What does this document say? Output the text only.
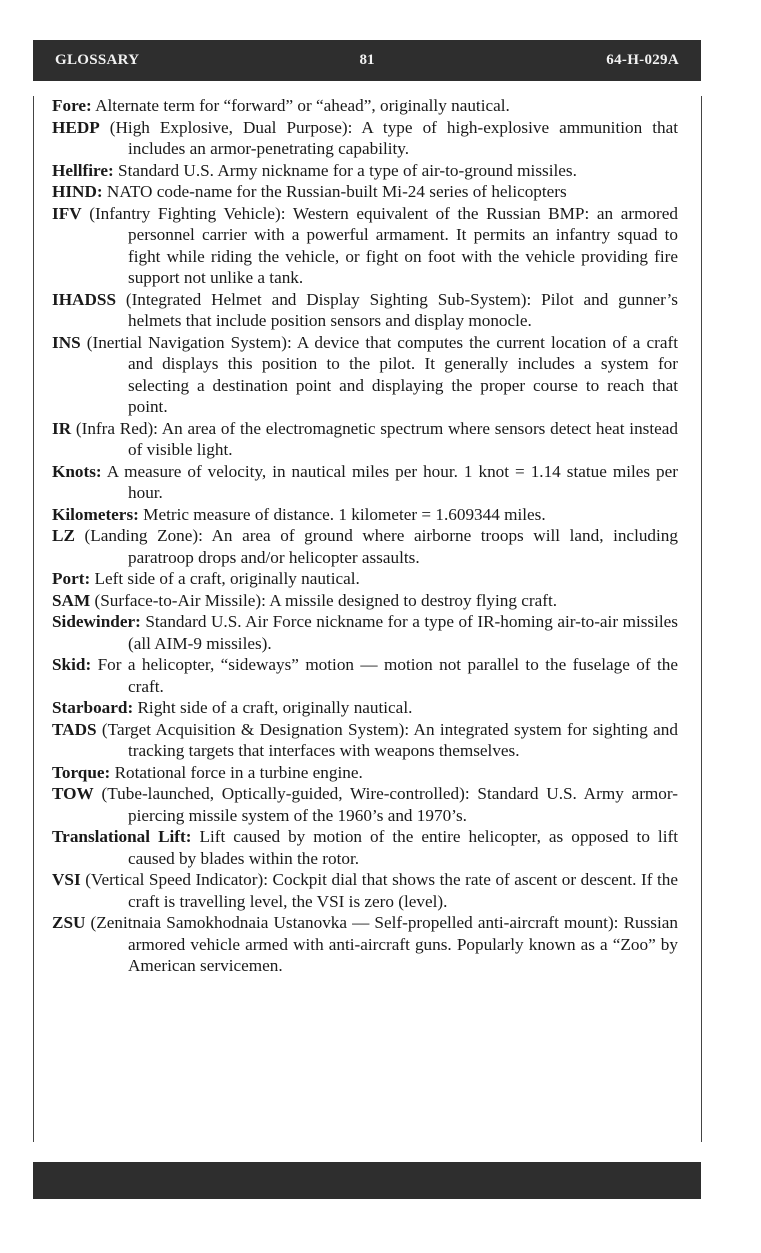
GLOSSARY	81	64-H-029A
Fore: Alternate term for “forward” or “ahead”, originally nautical.
HEDP (High Explosive, Dual Purpose): A type of high-explosive ammunition that includes an armor-penetrating capability.
Hellfire: Standard U.S. Army nickname for a type of air-to-ground missiles.
HIND: NATO code-name for the Russian-built Mi-24 series of helicopters
IFV (Infantry Fighting Vehicle): Western equivalent of the Russian BMP: an armored personnel carrier with a powerful armament. It permits an infantry squad to fight while riding the vehicle, or fight on foot with the vehicle providing fire support not unlike a tank.
IHADSS (Integrated Helmet and Display Sighting Sub-System): Pilot and gunner’s helmets that include position sensors and display monocle.
INS (Inertial Navigation System): A device that computes the current location of a craft and displays this position to the pilot. It generally includes a system for selecting a destination point and displaying the proper course to reach that point.
IR (Infra Red): An area of the electromagnetic spectrum where sensors detect heat instead of visible light.
Knots: A measure of velocity, in nautical miles per hour. 1 knot = 1.14 statue miles per hour.
Kilometers: Metric measure of distance. 1 kilometer = 1.609344 miles.
LZ (Landing Zone): An area of ground where airborne troops will land, including paratroop drops and/or helicopter assaults.
Port: Left side of a craft, originally nautical.
SAM (Surface-to-Air Missile): A missile designed to destroy flying craft.
Sidewinder: Standard U.S. Air Force nickname for a type of IR-homing air-to-air missiles (all AIM-9 missiles).
Skid: For a helicopter, “sideways” motion — motion not parallel to the fuselage of the craft.
Starboard: Right side of a craft, originally nautical.
TADS (Target Acquisition & Designation System): An integrated system for sighting and tracking targets that interfaces with weapons themselves.
Torque: Rotational force in a turbine engine.
TOW (Tube-launched, Optically-guided, Wire-controlled): Standard U.S. Army armor-piercing missile system of the 1960’s and 1970’s.
Translational Lift: Lift caused by motion of the entire helicopter, as opposed to lift caused by blades within the rotor.
VSI (Vertical Speed Indicator): Cockpit dial that shows the rate of ascent or descent. If the craft is travelling level, the VSI is zero (level).
ZSU (Zenitnaia Samokhodnaia Ustanovka — Self-propelled anti-aircraft mount): Russian armored vehicle armed with anti-aircraft guns. Popularly known as a “Zoo” by American servicemen.
